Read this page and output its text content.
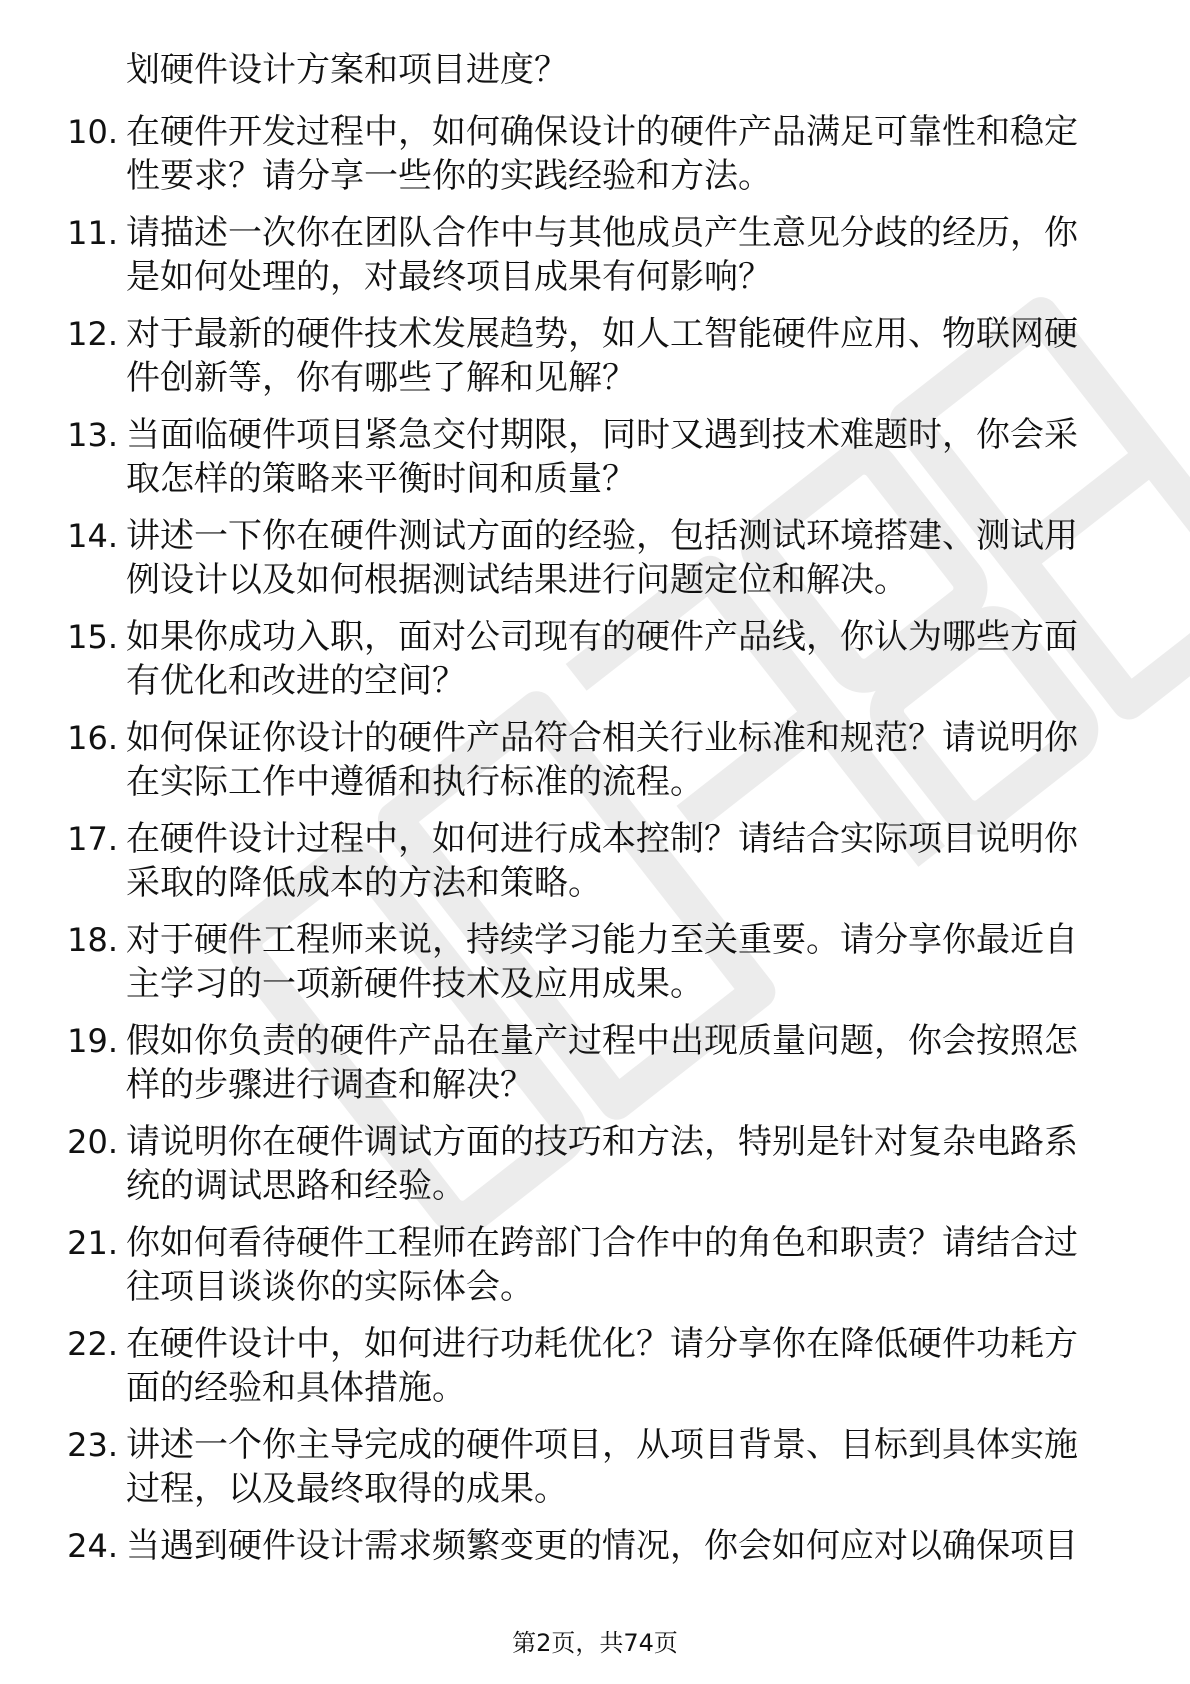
划硬件设计方案和项目进度？
10. 在硬件开发过程中，如何确保设计的硬件产品满足可靠性和稳定性要求？请分享一些你的实践经验和方法。
11. 请描述一次你在团队合作中与其他成员产生意见分歧的经历，你是如何处理的，对最终项目成果有何影响？
12. 对于最新的硬件技术发展趋势，如人工智能硬件应用、物联网硬件创新等，你有哪些了解和见解？
13. 当面临硬件项目紧急交付期限，同时又遇到技术难题时，你会采取怎样的策略来平衡时间和质量？
14. 讲述一下你在硬件测试方面的经验，包括测试环境搭建、测试用例设计以及如何根据测试结果进行问题定位和解决。
15. 如果你成功入职，面对公司现有的硬件产品线，你认为哪些方面有优化和改进的空间？
16. 如何保证你设计的硬件产品符合相关行业标准和规范？请说明你在实际工作中遵循和执行标准的流程。
17. 在硬件设计过程中，如何进行成本控制？请结合实际项目说明你采取的降低成本的方法和策略。
18. 对于硬件工程师来说，持续学习能力至关重要。请分享你最近自主学习的一项新硬件技术及应用成果。
19. 假如你负责的硬件产品在量产过程中出现质量问题，你会按照怎样的步骤进行调查和解决？
20. 请说明你在硬件调试方面的技巧和方法，特别是针对复杂电路系统的调试思路和经验。
21. 你如何看待硬件工程师在跨部门合作中的角色和职责？请结合过往项目谈谈你的实际体会。
22. 在硬件设计中，如何进行功耗优化？请分享你在降低硬件功耗方面的经验和具体措施。
23. 讲述一个你主导完成的硬件项目，从项目背景、目标到具体实施过程，以及最终取得的成果。
24. 当遇到硬件设计需求频繁变更的情况，你会如何应对以确保项目
第2页，共74页
